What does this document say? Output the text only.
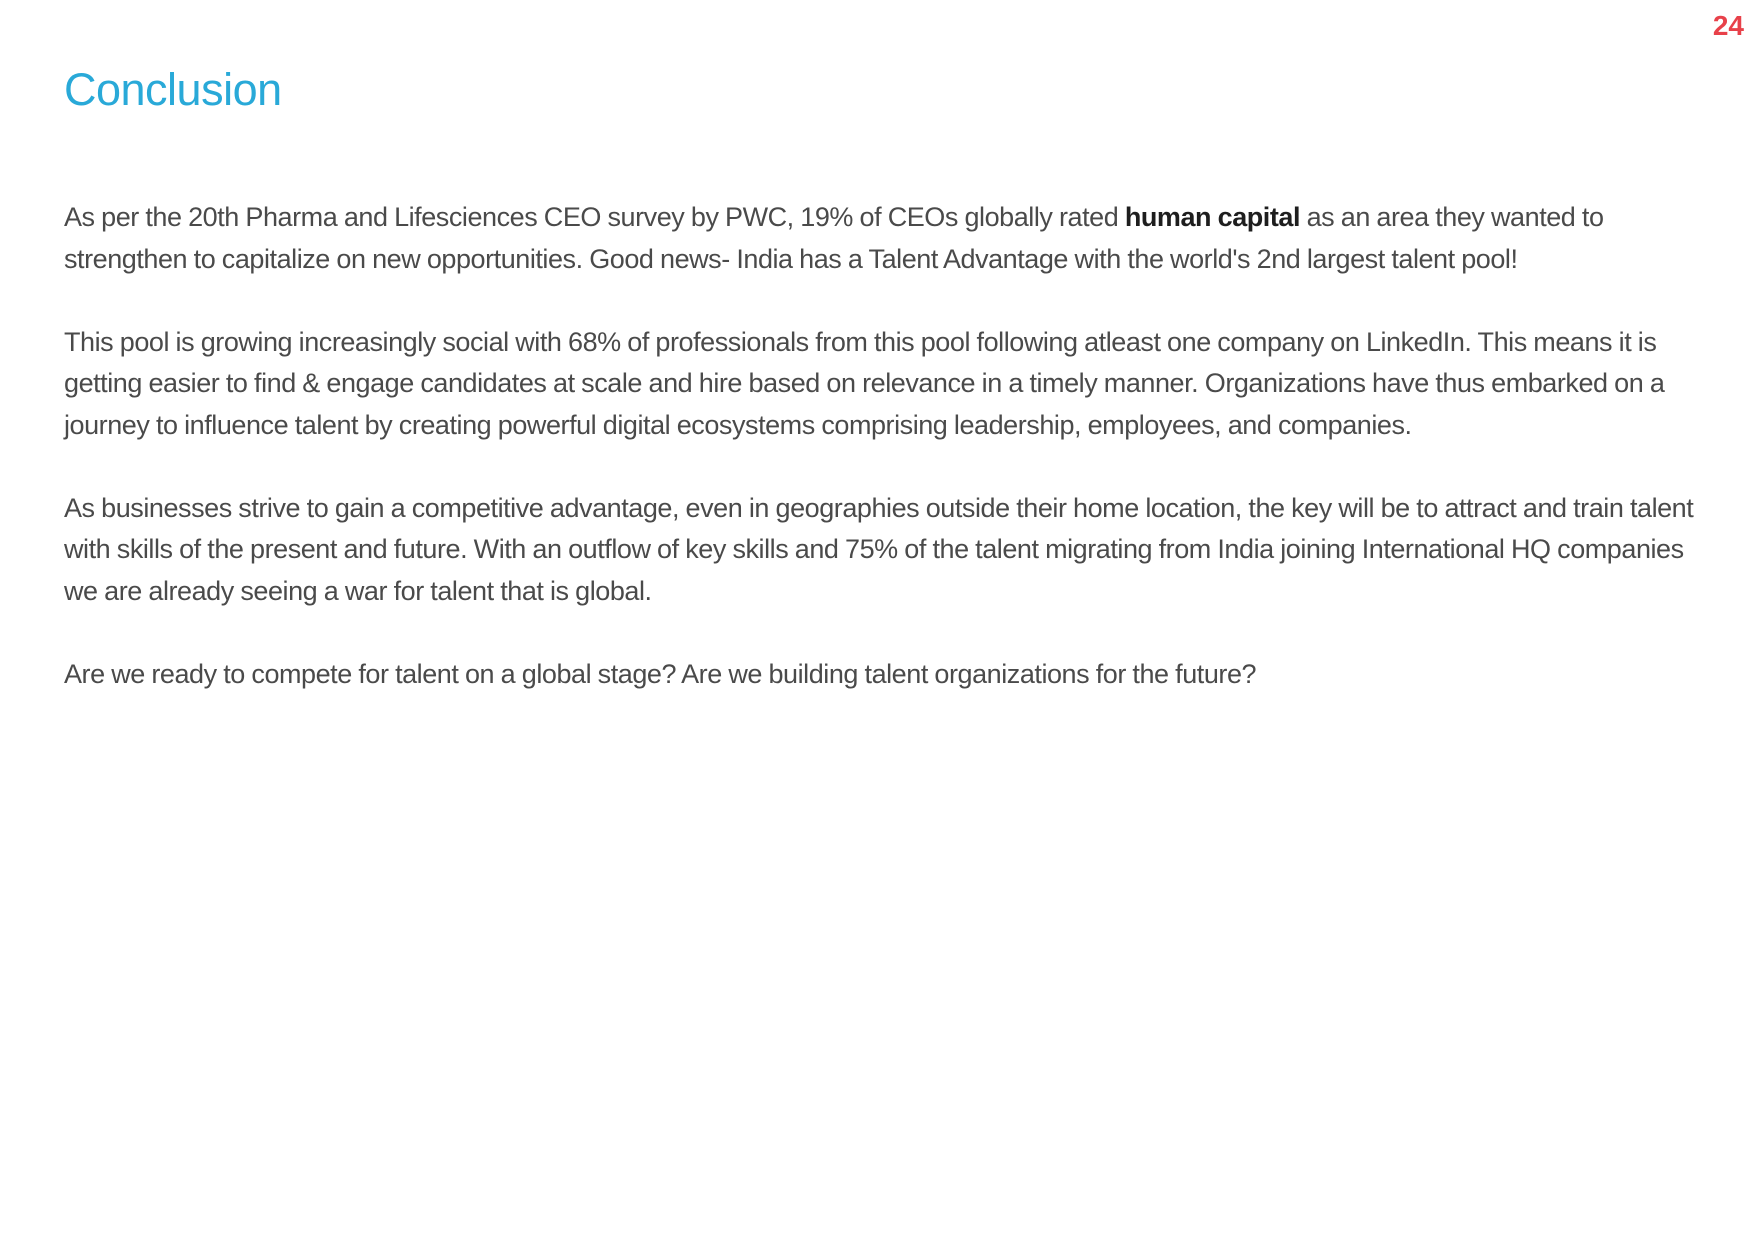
24
Conclusion

As per the 20th Pharma and Lifesciences CEO survey by PWC, 19% of CEOs globally rated human capital as an area they wanted to strengthen to capitalize on new opportunities. Good news- India has a Talent Advantage with the world's 2nd largest talent pool!

This pool is growing increasingly social with 68% of professionals from this pool following atleast one company on LinkedIn. This means it is getting easier to find & engage candidates at scale and hire based on relevance in a timely manner. Organizations have thus embarked on a journey to influence talent by creating powerful digital ecosystems comprising leadership, employees, and companies.

As businesses strive to gain a competitive advantage, even in geographies outside their home location, the key will be to attract and train talent with skills of the present and future. With an outflow of key skills and 75% of the talent migrating from India joining International HQ companies we are already seeing a war for talent that is global.

Are we ready to compete for talent on a global stage? Are we building talent organizations for the future?
